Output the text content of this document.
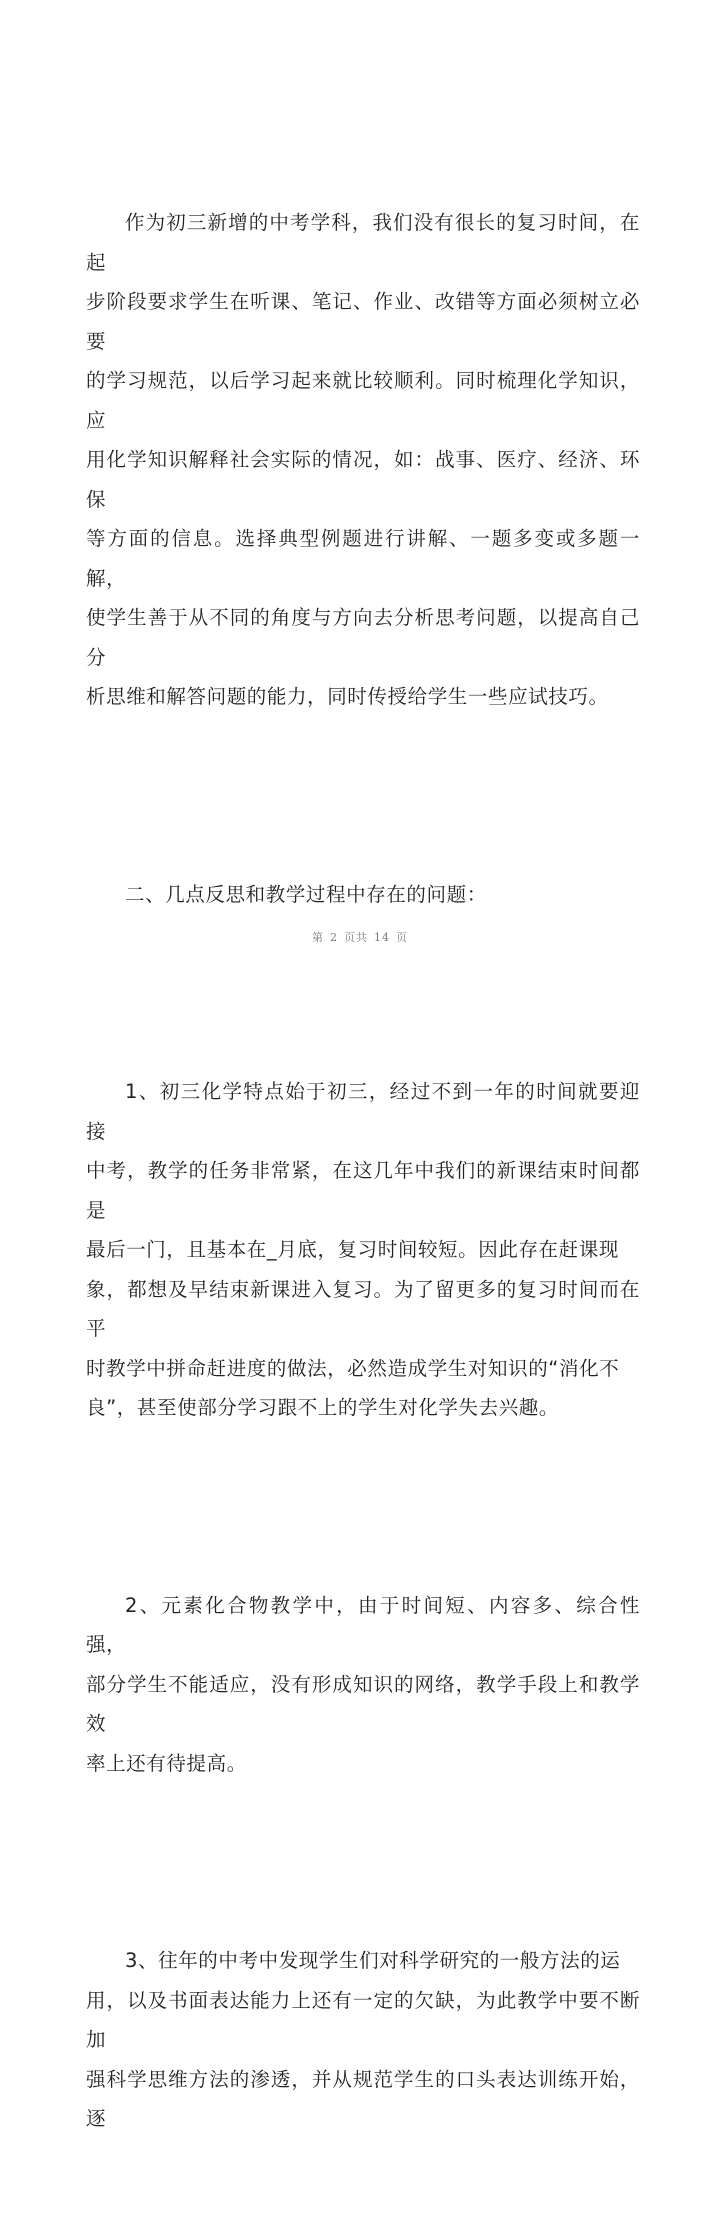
作为初三新增的中考学科，我们没有很长的复习时间，在起
步阶段要求学生在听课、笔记、作业、改错等方面必须树立必要
的学习规范，以后学习起来就比较顺利。同时梳理化学知识，应
用化学知识解释社会实际的情况，如：战事、医疗、经济、环保
等方面的信息。选择典型例题进行讲解、一题多变或多题一解，
使学生善于从不同的角度与方向去分析思考问题，以提高自己分
析思维和解答问题的能力，同时传授给学生一些应试技巧。

二、几点反思和教学过程中存在的问题：

1、初三化学特点始于初三，经过不到一年的时间就要迎接
中考，教学的任务非常紧，在这几年中我们的新课结束时间都是
最后一门，且基本在_月底，复习时间较短。因此存在赶课现
象，都想及早结束新课进入复习。为了留更多的复习时间而在平
时教学中拼命赶进度的做法，必然造成学生对知识的“消化不
良”，甚至使部分学习跟不上的学生对化学失去兴趣。

2、元素化合物教学中，由于时间短、内容多、综合性强，
部分学生不能适应，没有形成知识的网络，教学手段上和教学效
率上还有待提高。

3、往年的中考中发现学生们对科学研究的一般方法的运
用，以及书面表达能力上还有一定的欠缺，为此教学中要不断加
强科学思维方法的渗透，并从规范学生的口头表达训练开始，逐

第 2 页共 14 页
